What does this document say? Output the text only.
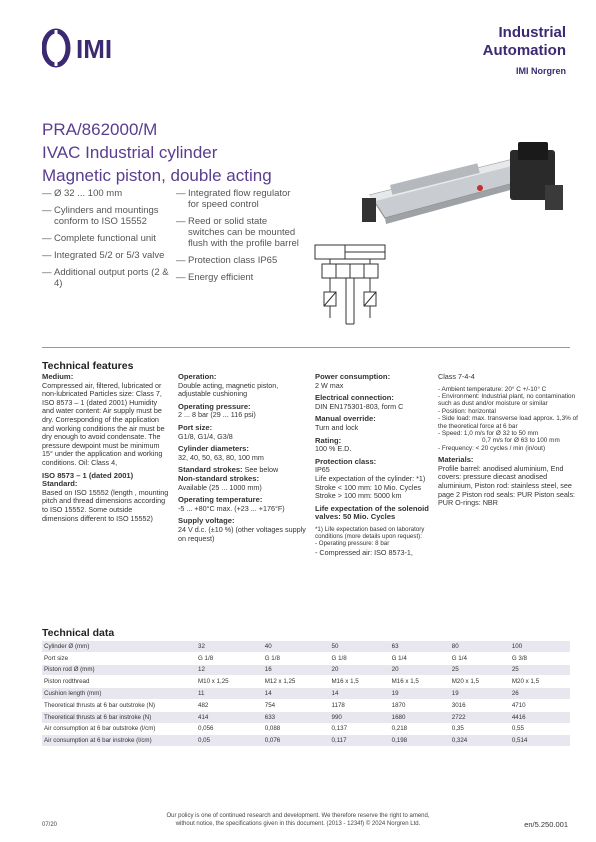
IMI
Industrial
Automation
IMI Norgren
PRA/862000/M
IVAC Industrial cylinder
Magnetic piston, double acting
— Ø 32 ... 100 mm
— Cylinders and mountings conform to ISO 15552
— Complete functional unit
— Integrated 5/2 or 5/3 valve
— Additional output ports (2 & 4)
— Integrated flow regulator for speed control
— Reed or solid state switches can be mounted flush with the profile barrel
— Protection class IP65
— Energy efficient
Technical features
Medium:

Compressed air, filtered, lubricated or non-lubricated Particles size: Class 7, ISO 8573 – 1 (dated 2001) Humidity and water content: Air supply must be dry. Corresponding of the application and working conditions the air must be dry enough to avoid condensate. The pressure dewpoint must be minimum 15° under the application and working conditions. Oil: Class 4,

ISO 8573 – 1 (dated 2001) Standard:

Based on ISO 15552 (length , mounting pitch and thread dimensions according to ISO 15552. Some outside dimensions different to ISO 15552)

Operation:

Double acting, magnetic piston, adjustable cushioning

Operating pressure:

2 ... 8 bar (29 ... 116 psi)

Port size:

G1/8, G1/4, G3/8

Cylinder diameters:

32, 40, 50, 63, 80, 100 mm

Standard strokes: See below
Non-standard strokes:

Available (25 ... 1000 mm)

Operating temperature:

-5 ... +80°C max. (+23 ... +176°F)

Supply voltage:

24 V d.c. (±10 %) (other voltages supply on request)

Power consumption:

2 W max

Electrical connection:

DIN EN175301-803, form C

Manual override:

Turn and lock

Rating:

100 % E.D.

Protection class:
IP65

Life expectation of the cylinder: *1) Stroke < 100 mm: 10 Mio. Cycles Stroke > 100 mm: 5000 km

Life expectation of the solenoid valves: 50 Mio. Cycles

*1) Life expectation based on laboratory conditions (more details upon request):
- Operating pressure: 8 bar
- Compressed air: ISO 8573-1,

Class 7-4-4

- Ambient temperature: 20° C +/-10° C
- Environment: Industrial plant, no contamination such as dust and/or moisture or similar
- Position: horizontal
- Side load: max. transverse load approx. 1,3% of the theoretical force at 6 bar
- Speed: 1,0 m/s for Ø 32 to 50 mm
0,7 m/s for Ø 63 to 100 mm

- Frequency: < 20 cycles / min (in/out)

Materials:

Profile barrel: anodised aluminium, End covers: pressure diecast anodised aluminium, Piston rod: stainless steel, see page 2 Piston rod seals: PUR Piston seals: PUR O-rings: NBR

Technical data
Cylinder Ø (mm)	32	40	50	63	80	100
Port size	G 1/8	G 1/8	G 1/8	G 1/4	G 1/4	G 3/8
Piston rod Ø (mm)	12	16	20	20	25	25
Piston rodthread	M10 x 1,25	M12 x 1,25	M16 x 1,5	M16 x 1,5	M20 x 1,5	M20 x 1,5
Cushion length (mm)	11	14	14	19	19	26
Theoretical thrusts at 6 bar outstroke (N)	482	754	1178	1870	3016	4710
Theoretical thrusts at 6 bar instroke (N)	414	633	990	1680	2722	4416
Air consumption at 6 bar outstroke (l/cm)	0,056	0,088	0,137	0,218	0,35	0,55
Air consumption at 6 bar instroke (l/cm)	0,05	0,076	0,117	0,198	0,324	0,514
Our policy is one of continued research and development. We therefore reserve the right to amend,
without notice, the specifications given in this document. (2013 - 1234f) © 2024 Norgren Ltd.
07/20	en/5.250.001
